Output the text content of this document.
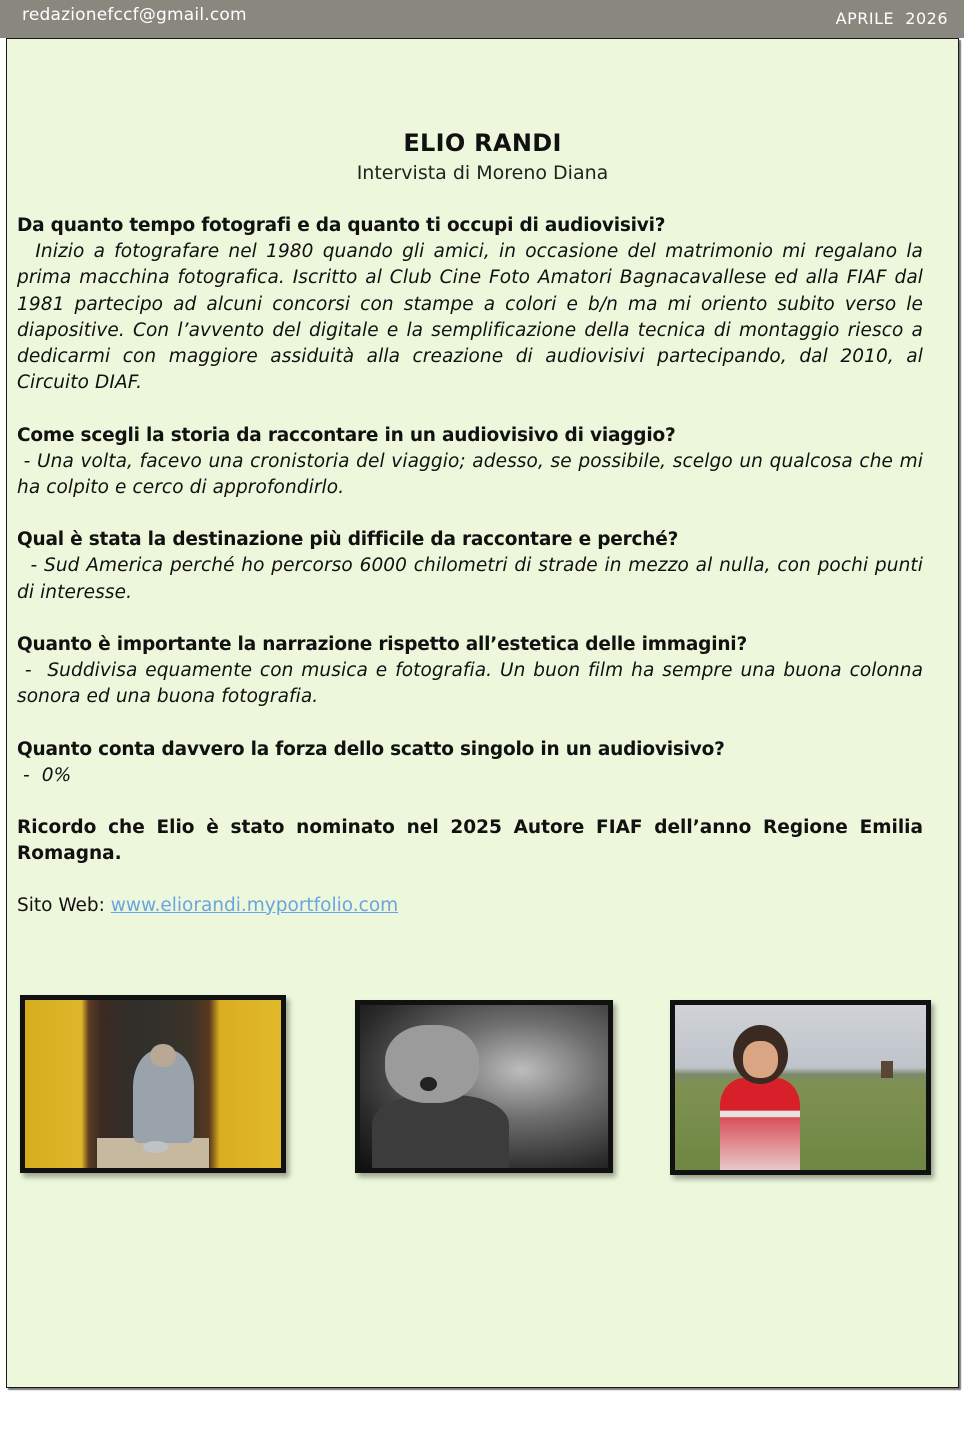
redazionefccf@gmail.com	APRILE  2026
ELIO RANDI
Intervista di Moreno Diana
Da quanto tempo fotografi e da quanto ti occupi di audiovisivi?
Inizio a fotografare nel 1980 quando gli amici, in occasione del matrimonio mi regalano la prima macchina fotografica. Iscritto al Club Cine Foto Amatori Bagnacavallese ed alla FIAF dal 1981 partecipo ad alcuni concorsi con stampe a colori e b/n ma mi oriento subito verso le diapositive. Con l’avvento del digitale e la semplificazione della tecnica di montaggio riesco a dedicarmi con maggiore assiduità alla creazione di audiovisivi partecipando, dal 2010, al Circuito DIAF.
Come scegli la storia da raccontare in un audiovisivo di viaggio?
- Una volta, facevo una cronistoria del viaggio; adesso, se possibile, scelgo un qualcosa che mi ha colpito e cerco di approfondirlo.
Qual è stata la destinazione più difficile da raccontare e perché?
- Sud America perché ho percorso 6000 chilometri di strade in mezzo al nulla, con pochi punti di interesse.
Quanto è importante la narrazione rispetto all’estetica delle immagini?
-  Suddivisa equamente con musica e fotografia. Un buon film ha sempre una buona colonna sonora ed una buona fotografia.
Quanto conta davvero la forza dello scatto singolo in un audiovisivo?
-  0%
Ricordo che Elio è stato nominato nel 2025 Autore FIAF dell’anno Regione Emilia Romagna.
Sito Web: www.eliorandi.myportfolio.com
